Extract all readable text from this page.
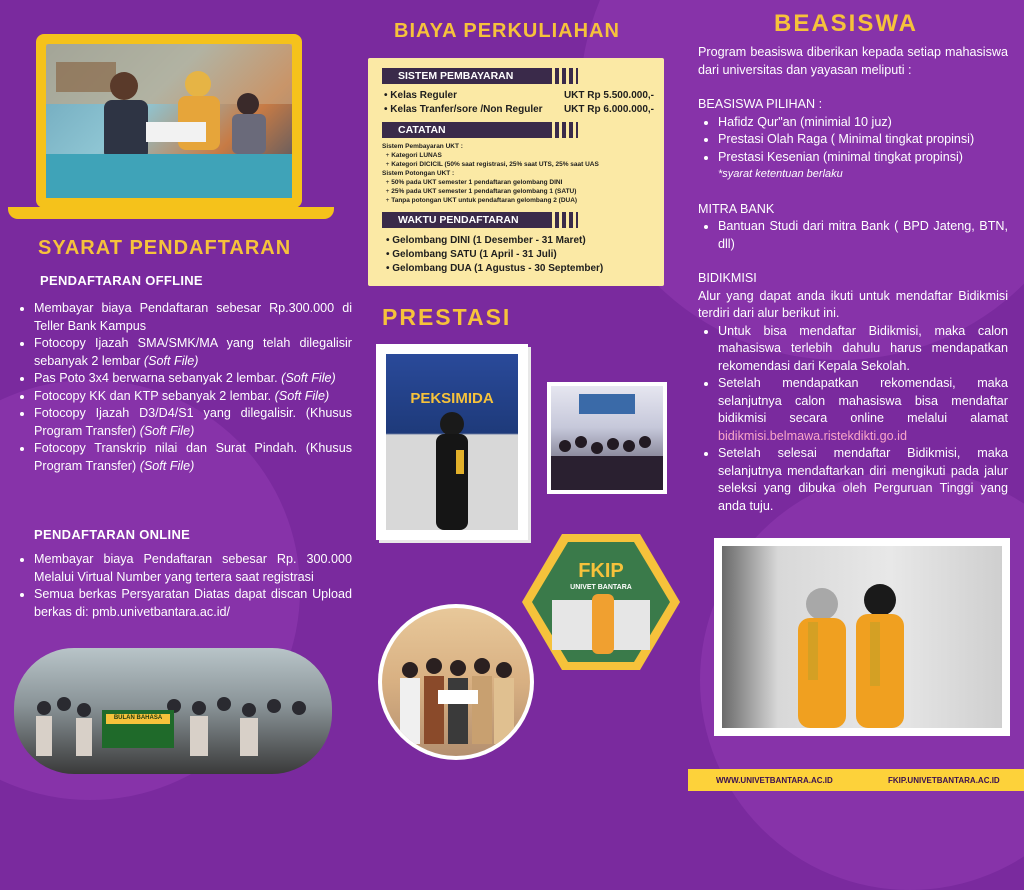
SYARAT PENDAFTARAN
PENDAFTARAN OFFLINE
• Membayar biaya Pendaftaran sebesar Rp.300.000 di Teller Bank Kampus
• Fotocopy Ijazah SMA/SMK/MA yang telah dilegalisir sebanyak 2 lembar (Soft File)
• Pas Poto 3x4 berwarna sebanyak 2 lembar. (Soft File)
• Fotocopy KK dan KTP sebanyak 2 lembar. (Soft File)
• Fotocopy Ijazah D3/D4/S1 yang dilegalisir. (Khusus Program Transfer) (Soft File)
• Fotocopy Transkrip nilai dan Surat Pindah. (Khusus Program Transfer) (Soft File)
PENDAFTARAN ONLINE
• Membayar biaya Pendaftaran sebesar Rp. 300.000 Melalui Virtual Number yang tertera saat registrasi
• Semua berkas Persyaratan Diatas dapat discan Upload berkas di: pmb.univetbantara.ac.id/
BULAN BAHASA
BIAYA PERKULIAHAN
SISTEM PEMBAYARAN
• Kelas Reguler	UKT Rp 5.500.000,-
• Kelas Tranfer/sore /Non Reguler UKT Rp 6.000.000,-
CATATAN
Sistem Pembayaran UKT :
+ Kategori LUNAS
+ Kategori DICICIL (50% saat registrasi, 25% saat UTS, 25% saat UAS
Sistem Potongan UKT :
+ 50% pada UKT semester 1 pendaftaran gelombang DINI
+ 25% pada UKT semester 1 pendaftaran gelombang 1 (SATU)
+ Tanpa potongan UKT untuk pendaftaran gelombang 2 (DUA)
WAKTU PENDAFTARAN
• Gelombang DINI (1 Desember - 31 Maret)
• Gelombang SATU (1 April - 31 Juli)
• Gelombang DUA (1 Agustus - 30 September)
PRESTASI
PEKSIMIDA
FKIP
UNIVET BANTARA
BEASISWA

Program beasiswa diberikan kepada setiap mahasiswa dari universitas dan yayasan meliputi :

BEASISWA PILIHAN :

• Hafidz Qur"an (minimial 10 juz)
• Prestasi Olah Raga ( Minimal tingkat propinsi)
• Prestasi Kesenian (minimal tingkat propinsi)

*syarat ketentuan berlaku

MITRA BANK

• Bantuan Studi dari mitra Bank ( BPD Jateng, BTN, dll)

BIDIKMISI

Alur yang dapat anda ikuti untuk mendaftar Bidikmisi terdiri dari alur berikut ini.

• Untuk bisa mendaftar Bidikmisi, maka calon mahasiswa terlebih dahulu harus mendapatkan rekomendasi dari Kepala Sekolah.
• Setelah mendapatkan rekomendasi, maka selanjutnya calon mahasiswa bisa mendaftar bidikmisi secara online melalui alamat bidikmisi.belmawa.ristekdikti.go.id
• Setelah selesai mendaftar Bidikmisi, maka selanjutnya mendaftarkan diri mengikuti pada jalur seleksi yang dibuka oleh Perguruan Tinggi yang anda tuju.
WWW.UNIVETBANTARA.AC.ID	FKIP.UNIVETBANTARA.AC.ID
